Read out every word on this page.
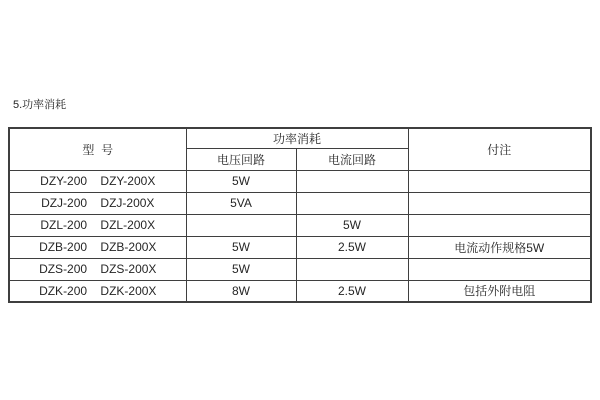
5.功率消耗
型  号	功率消耗		付注
	电压回路	电流回路	
DZY-200    DZY-200X	5W		
DZJ-200    DZJ-200X	5VA		
DZL-200    DZL-200X		5W	
DZB-200    DZB-200X	5W	2.5W	电流动作规格5W
DZS-200    DZS-200X	5W		
DZK-200    DZK-200X	8W	2.5W	包括外附电阻
